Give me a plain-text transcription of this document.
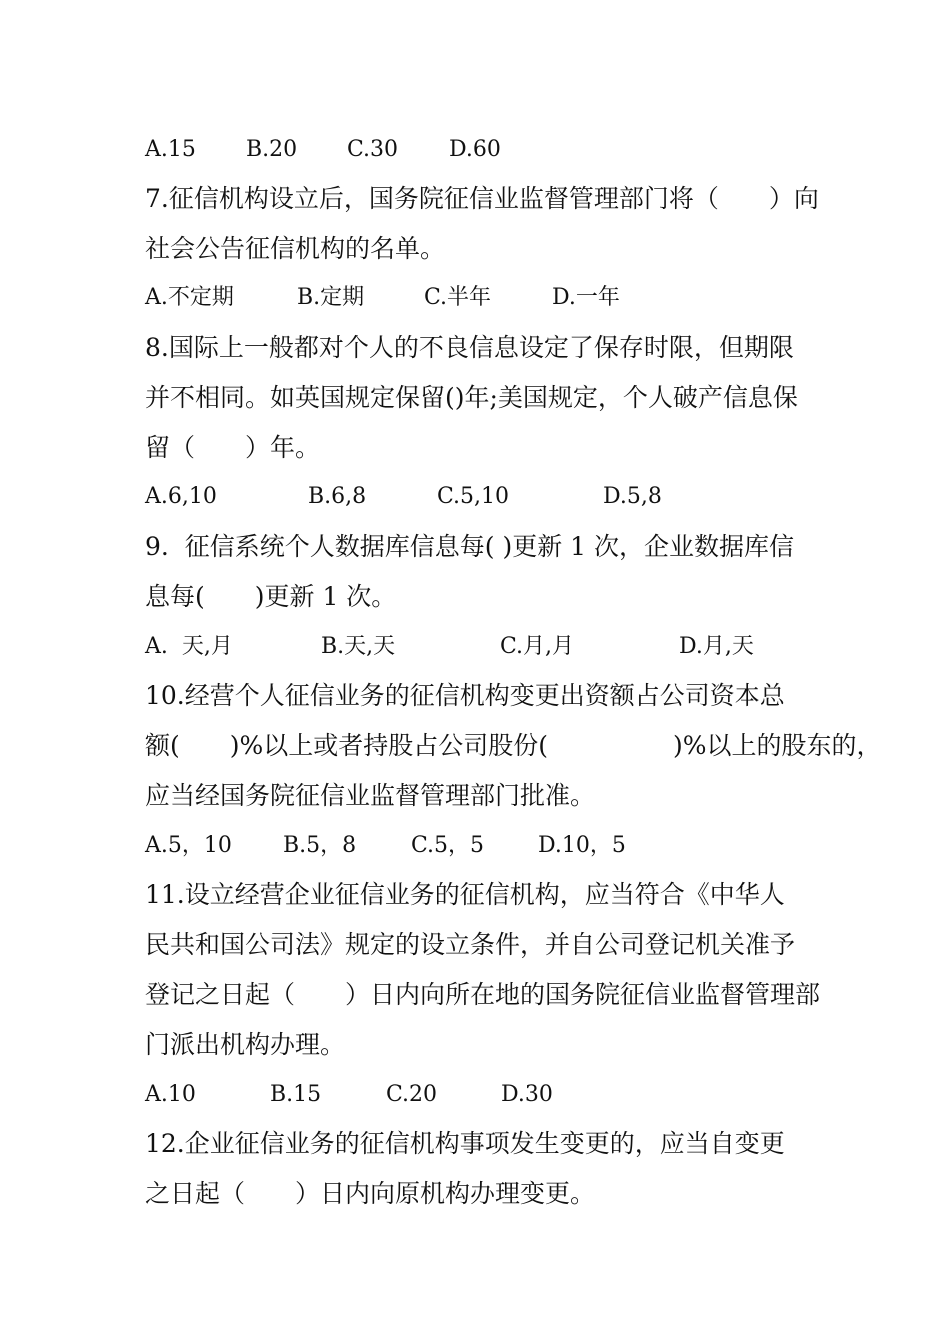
A.15

B.20

C.30

D.60

7.征信机构设立后，国务院征信业监督管理部门将（　　）向
社会公告征信机构的名单。

A.不定期

	B.定期

	C.半年

	D.一年

8.国际上一般都对个人的不良信息设定了保存时限，但期限
并不相同。如英国规定保留()年;美国规定，个人破产信息保
留（　　）年。

A.6,10

	B.6,8

	C.5,10

	D.5,8

9.  征信系统个人数据库信息每( )更新 1 次，企业数据库信
息每(　　)更新 1 次。

A.  天,月

	B.天,天

	C.月,月

	D.月,天

10.经营个人征信业务的征信机构变更出资额占公司资本总
额(　　)%以上或者持股占公司股份(　　　　　)%以上的股东的，
应当经国务院征信业监督管理部门批准。

A.5，10

B.5，8

C.5，5

D.10，5

11.设立经营企业征信业务的征信机构，应当符合《中华人
民共和国公司法》规定的设立条件，并自公司登记机关准予
登记之日起（　　）日内向所在地的国务院征信业监督管理部
门派出机构办理。

A.10

	B.15

	C.20

	D.30

12.企业征信业务的征信机构事项发生变更的，应当自变更
之日起（　　）日内向原机构办理变更。
